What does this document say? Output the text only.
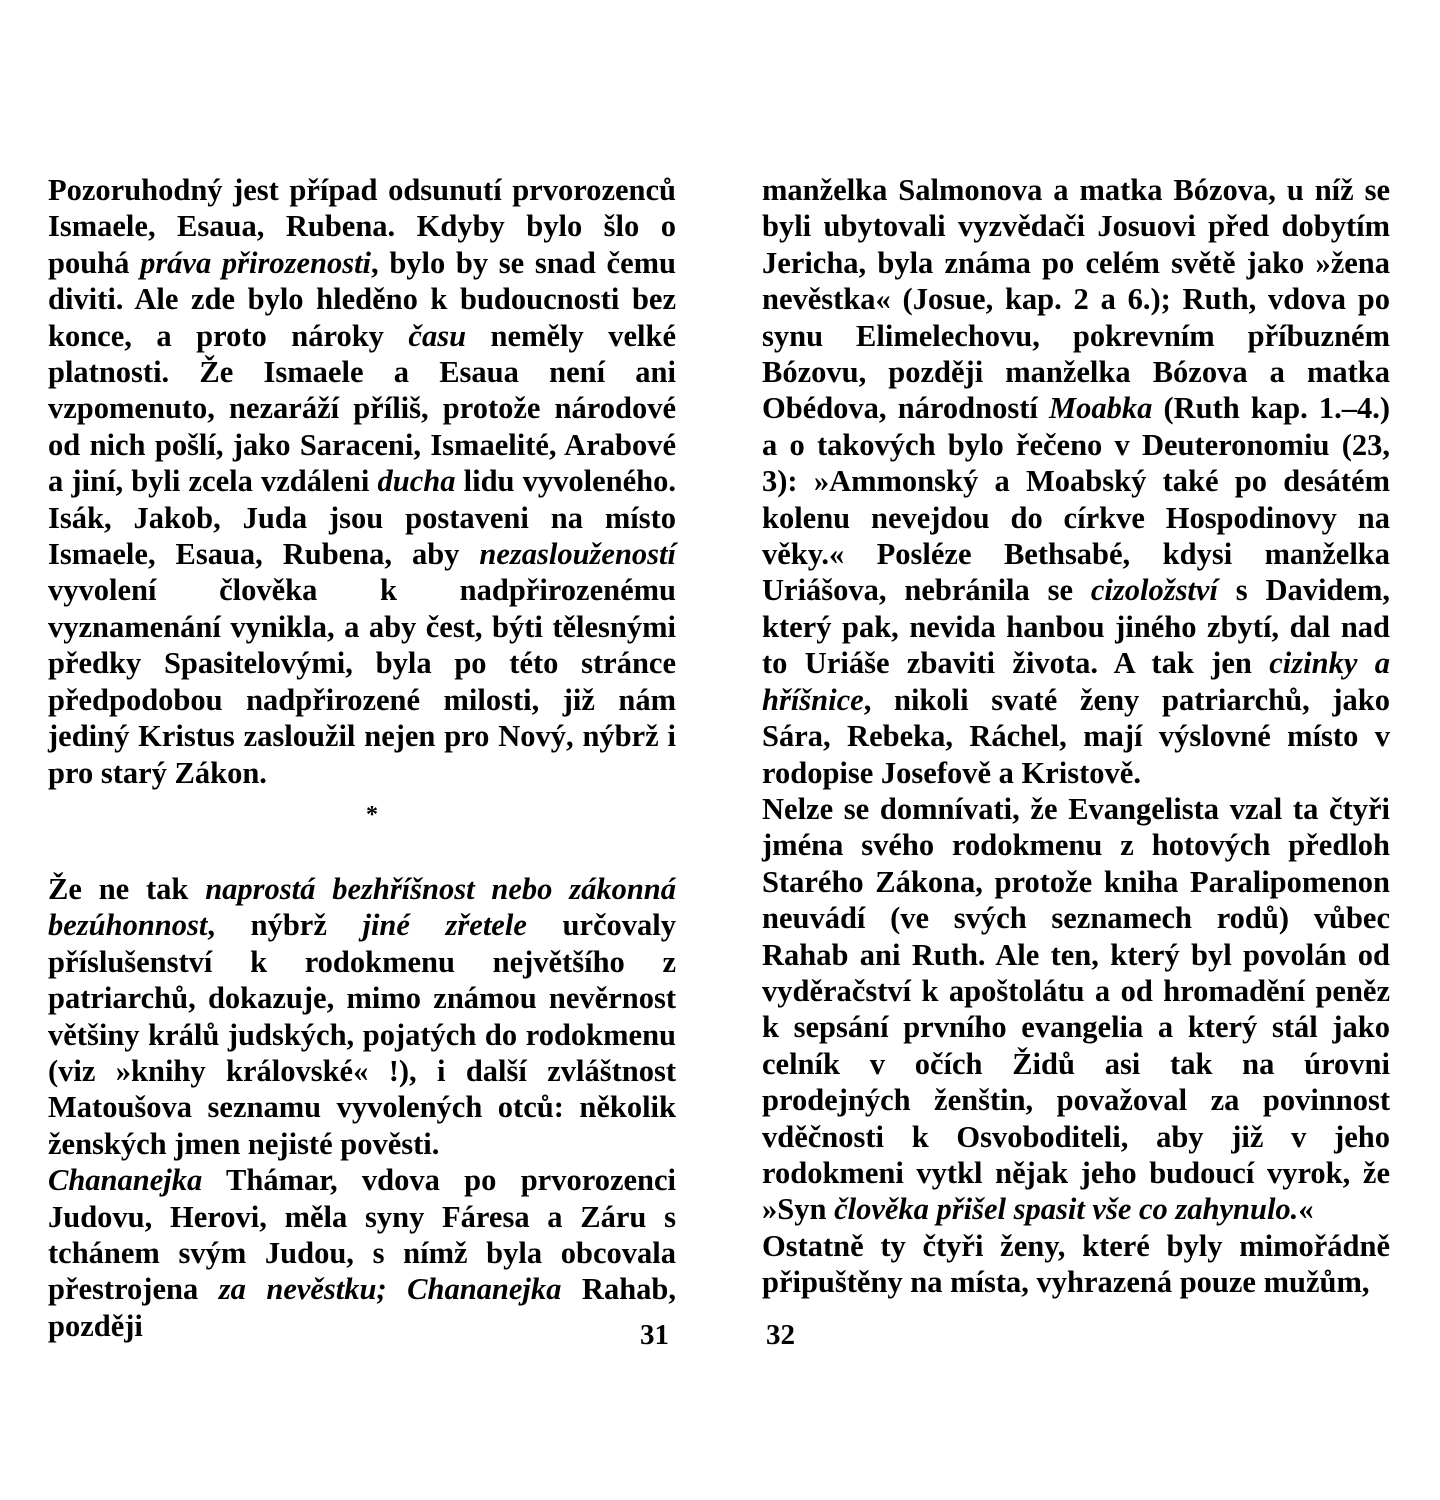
Pozoruhodný jest případ odsunutí prvorozenců Ismaele, Esaua, Rubena. Kdyby bylo šlo o pouhá práva přirozenosti, bylo by se snad čemu diviti. Ale zde bylo hleděno k budoucnosti bez konce, a proto nároky času neměly velké platnosti. Že Ismaele a Esaua není ani vzpomenuto, nezaráží příliš, protože národové od nich pošlí, jako Saraceni, Ismaelité, Arabové a jiní, byli zcela vzdáleni ducha lidu vyvoleného. Isák, Jakob, Juda jsou postaveni na místo Ismaele, Esaua, Rubena, aby nezasloužeností vyvolení člověka k nadpřirozenému vyznamenání vynikla, a aby čest, býti tělesnými předky Spasitelovými, byla po této stránce předpodobou nadpřirozené milosti, již nám jediný Kristus zasloužil nejen pro Nový, nýbrž i pro starý Zákon.

*

Že ne tak naprostá bezhříšnost nebo zákonná bezúhonnost, nýbrž jiné zřetele určovaly příslušenství k rodokmenu největšího z patriarchů, dokazuje, mimo známou nevěrnost většiny králů judských, pojatých do rodokmenu (viz »knihy královské« !), i další zvláštnost Matoušova seznamu vyvolených otců: několik ženských jmen nejisté pověsti.

Chananejka Thámar, vdova po prvorozenci Judovu, Herovi, měla syny Fáresa a Záru s tchánem svým Judou, s nímž byla obcovala přestrojena za nevěstku; Chananejka Rahab, později

manželka Salmonova a matka Bózova, u níž se byli ubytovali vyzvědači Josuovi před dobytím Jericha, byla známa po celém světě jako »žena nevěstka« (Josue, kap. 2 a 6.); Ruth, vdova po synu Elimelechovu, pokrevním příbuzném Bózovu, později manželka Bózova a matka Obédova, národností Moabka (Ruth kap. 1.–4.) a o takových bylo řečeno v Deuteronomiu (23, 3): »Ammonský a Moabský také po desátém kolenu nevejdou do církve Hospodinovy na věky.« Posléze Bethsabé, kdysi manželka Uriášova, nebránila se cizoložství s Davidem, který pak, nevida hanbou jiného zbytí, dal nad to Uriáše zbaviti života. A tak jen cizinky a hříšnice, nikoli svaté ženy patriarchů, jako Sára, Rebeka, Ráchel, mají výslovné místo v rodopise Josefově a Kristově.

Nelze se domnívati, že Evangelista vzal ta čtyři jména svého rodokmenu z hotových předloh Starého Zákona, protože kniha Paralipomenon neuvádí (ve svých seznamech rodů) vůbec Rahab ani Ruth. Ale ten, který byl povolán od vyděračství k apoštolátu a od hromadění peněz k sepsání prvního evangelia a který stál jako celník v očích Židů asi tak na úrovni prodejných ženštin, považoval za povinnost vděčnosti k Osvoboditeli, aby již v jeho rodokmeni vytkl nějak jeho budoucí vyrok, že »Syn člověka přišel spasit vše co zahynulo.«

Ostatně ty čtyři ženy, které byly mimořádně připuštěny na místa, vyhrazená pouze mužům,

31	32
